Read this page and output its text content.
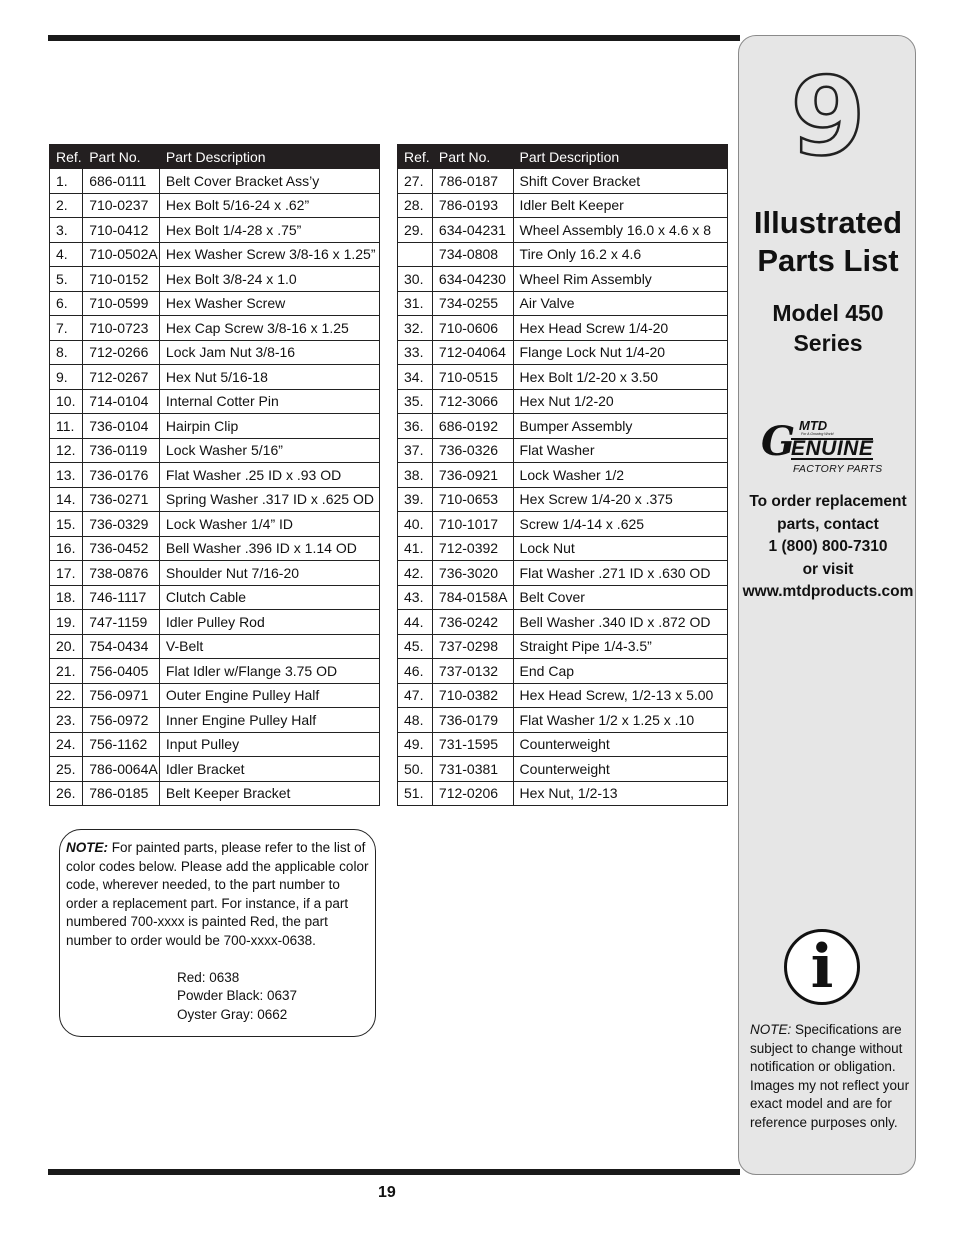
Ref.	Part No.	Part Description
1.	686-0111	Belt Cover Bracket Ass’y
2.	710-0237	Hex Bolt 5/16-24 x .62”
3.	710-0412	Hex Bolt 1/4-28 x .75”
4.	710-0502A	Hex Washer Screw 3/8-16 x 1.25”
5.	710-0152	Hex Bolt 3/8-24 x 1.0
6.	710-0599	Hex Washer Screw
7.	710-0723	Hex Cap Screw 3/8-16 x 1.25
8.	712-0266	Lock Jam Nut 3/8-16
9.	712-0267	Hex Nut 5/16-18
10.	714-0104	Internal Cotter Pin
11.	736-0104	Hairpin Clip
12.	736-0119	Lock Washer 5/16”
13.	736-0176	Flat Washer .25 ID x .93 OD
14.	736-0271	Spring Washer .317 ID x .625 OD
15.	736-0329	Lock Washer 1/4” ID
16.	736-0452	Bell Washer .396 ID x 1.14 OD
17.	738-0876	Shoulder Nut 7/16-20
18.	746-1117	Clutch Cable
19.	747-1159	Idler Pulley Rod
20.	754-0434	V-Belt
21.	756-0405	Flat Idler w/Flange 3.75 OD
22.	756-0971	Outer Engine Pulley Half
23.	756-0972	Inner Engine Pulley Half
24.	756-1162	Input Pulley
25.	786-0064A	Idler Bracket
26.	786-0185	Belt Keeper Bracket
Ref.	Part No.	Part Description
27.	786-0187	Shift Cover Bracket
28.	786-0193	Idler Belt Keeper
29.	634-04231	Wheel Assembly 16.0 x 4.6 x 8
	734-0808	Tire Only 16.2 x 4.6
30.	634-04230	Wheel Rim Assembly
31.	734-0255	Air Valve
32.	710-0606	Hex Head Screw 1/4-20
33.	712-04064	Flange Lock Nut 1/4-20
34.	710-0515	Hex Bolt 1/2-20 x 3.50
35.	712-3066	Hex Nut 1/2-20
36.	686-0192	Bumper Assembly
37.	736-0326	Flat Washer
38.	736-0921	Lock Washer 1/2
39.	710-0653	Hex Screw 1/4-20 x .375
40.	710-1017	Screw 1/4-14 x .625
41.	712-0392	Lock Nut
42.	736-3020	Flat Washer .271 ID x .630 OD
43.	784-0158A	Belt Cover
44.	736-0242	Bell Washer .340 ID x .872 OD
45.	737-0298	Straight Pipe 1/4-3.5”
46.	737-0132	End Cap
47.	710-0382	Hex Head Screw, 1/2-13 x 5.00
48.	736-0179	Flat Washer 1/2 x 1.25 x .10
49.	731-1595	Counterweight
50.	731-0381	Counterweight
51.	712-0206	Hex Nut, 1/2-13
NOTE: For painted parts, please refer to the list of color codes below. Please add the applicable color code, wherever needed, to the part number to order a replacement part. For instance, if a part numbered 700-xxxx is painted Red, the part number to order would be 700-xxxx-0638.
Red: 0638
Powder Black: 0637
Oyster Gray: 0662
19
9
Illustrated
Parts List
Model 450
Series
G MTD
For A Growing World
ENUINE
FACTORY PARTS
To order replacement
parts, contact
1 (800) 800-7310
or visit
www.mtdproducts.com
i
NOTE: Specifications are subject to change without notification or obligation. Images my not reflect your exact model and are for reference purposes only.
